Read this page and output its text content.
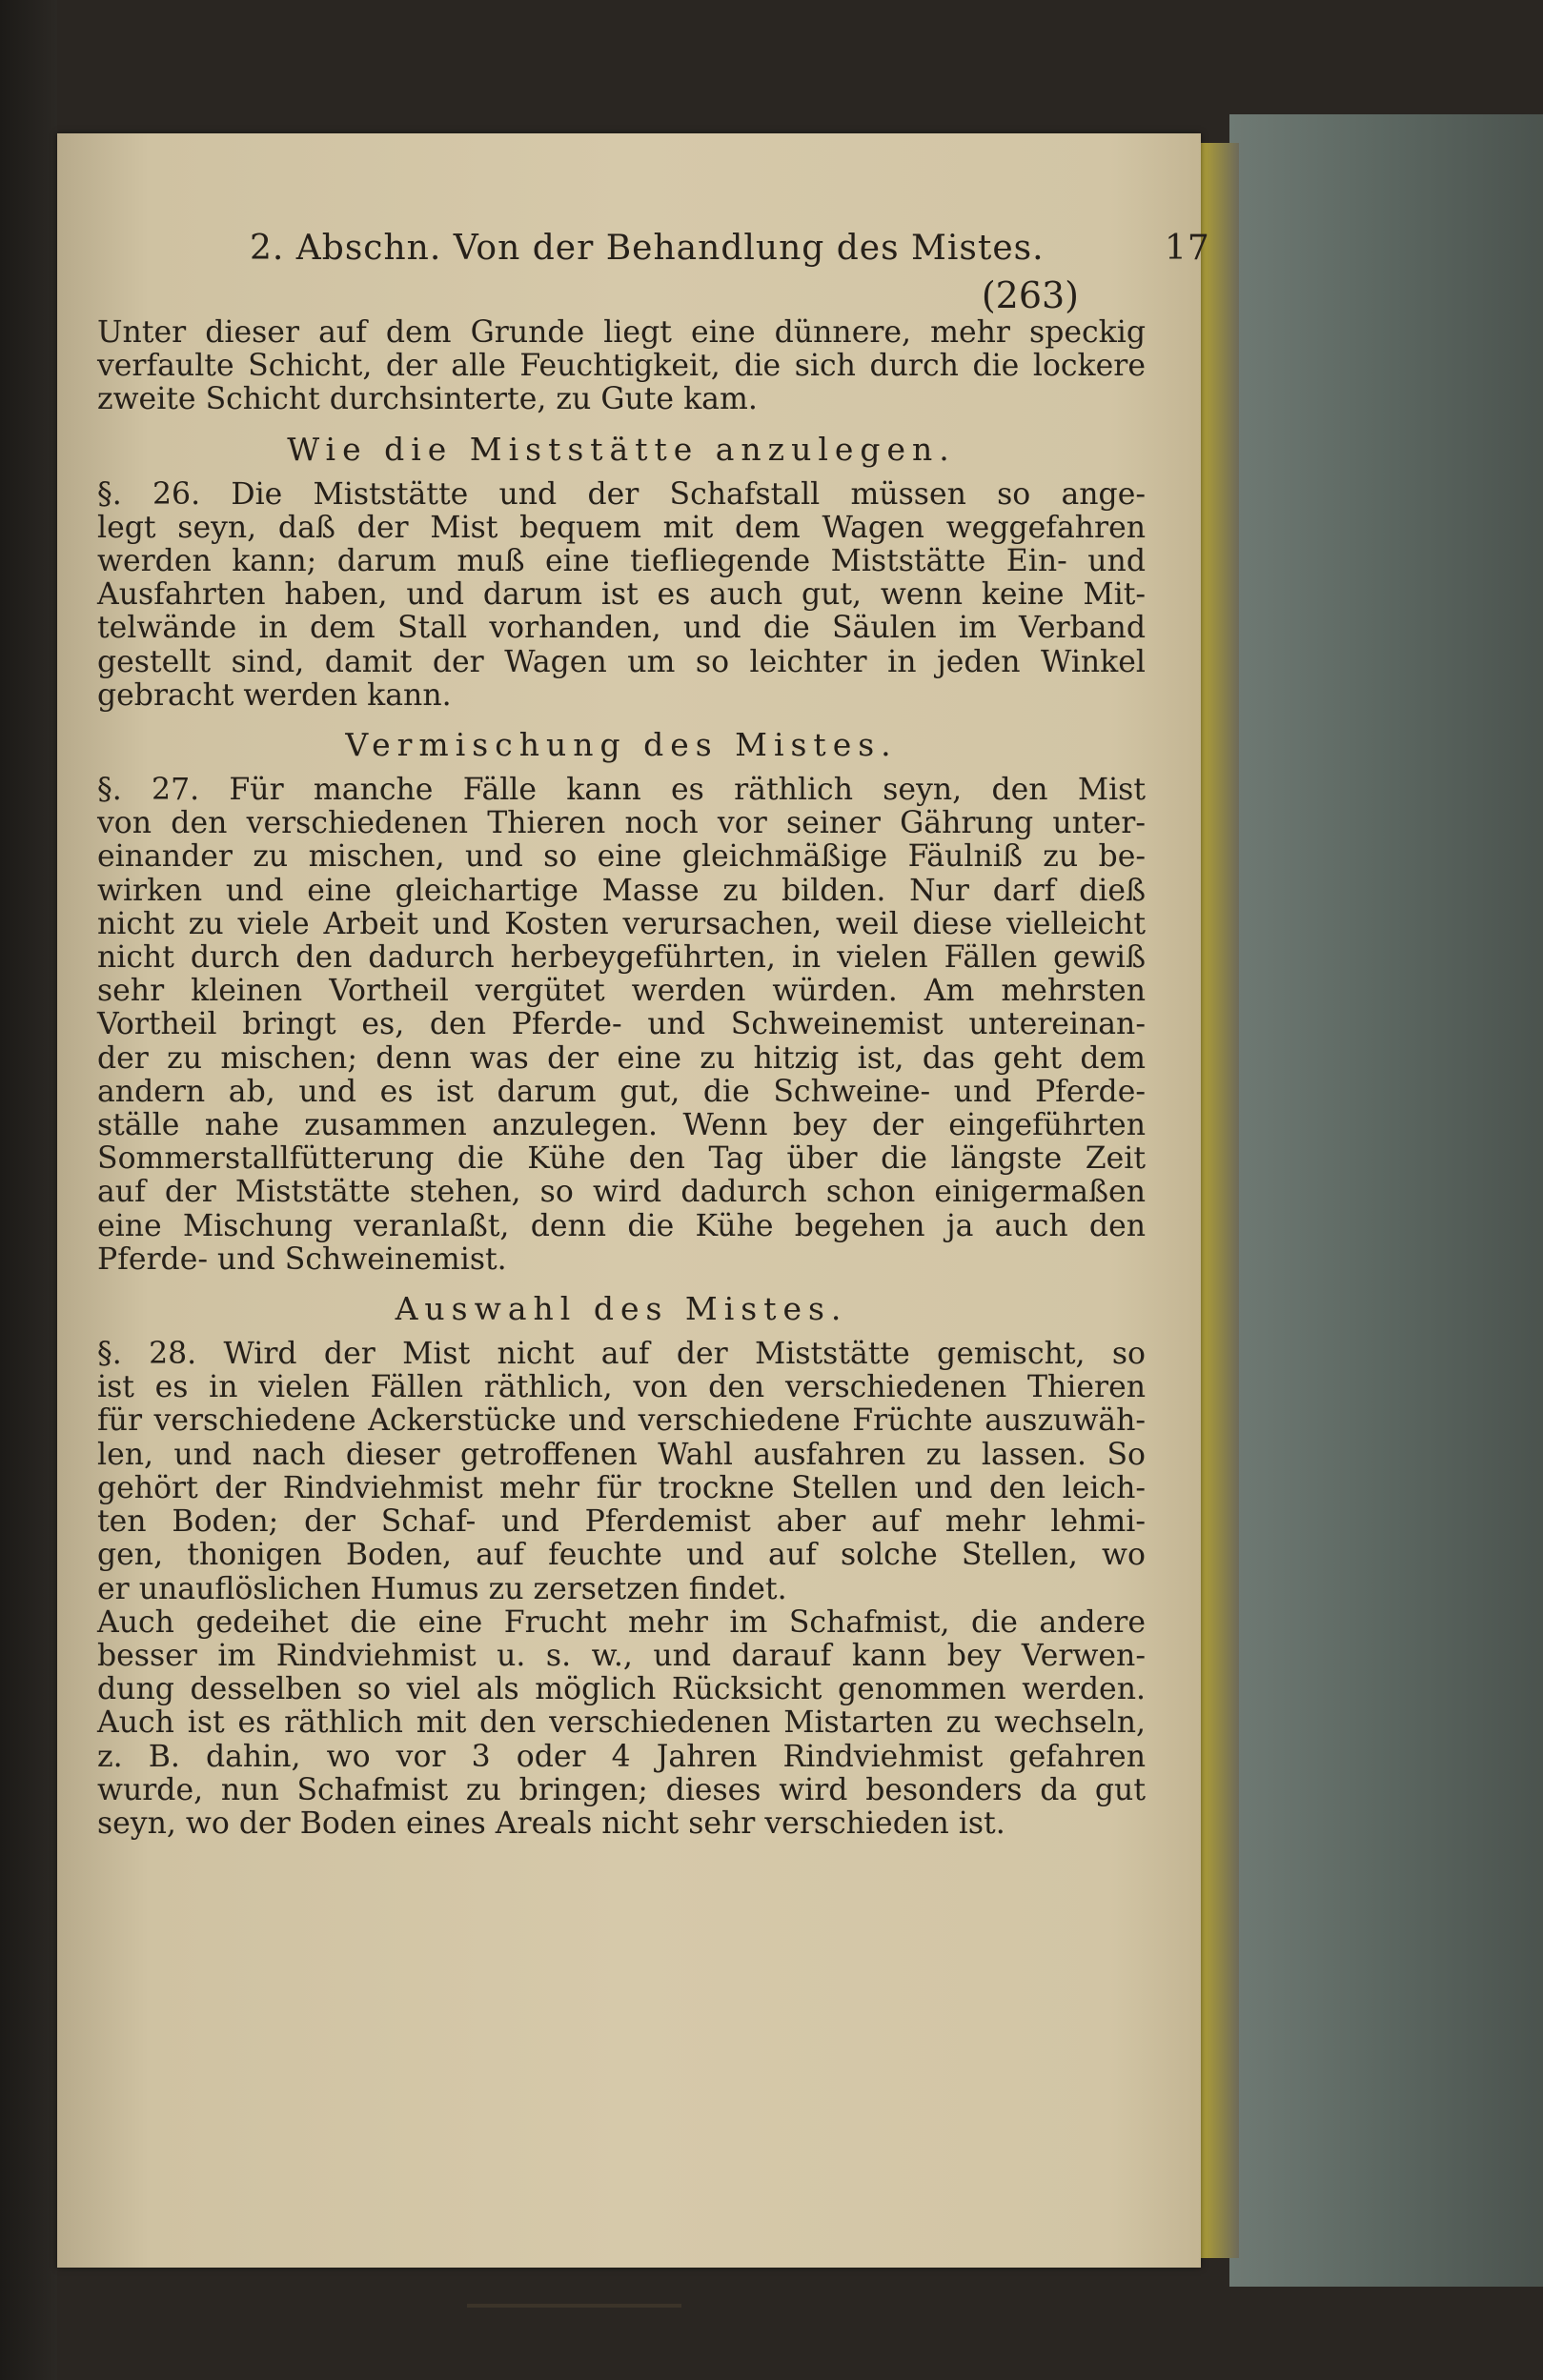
2. Abschn. Von der Behandlung des Mistes.	17
(263)
Unter dieser auf dem Grunde liegt eine dünnere, mehr speckig
verfaulte Schicht, der alle Feuchtigkeit, die sich durch die lockere
zweite Schicht durchsinterte, zu Gute kam.
Wie die Miststätte anzulegen.
§. 26. Die Miststätte und der Schafstall müssen so ange-
legt seyn, daß der Mist bequem mit dem Wagen weggefahren
werden kann; darum muß eine tiefliegende Miststätte Ein- und
Ausfahrten haben, und darum ist es auch gut, wenn keine Mit-
telwände in dem Stall vorhanden, und die Säulen im Verband
gestellt sind, damit der Wagen um so leichter in jeden Winkel
gebracht werden kann.
Vermischung des Mistes.
§. 27. Für manche Fälle kann es räthlich seyn, den Mist
von den verschiedenen Thieren noch vor seiner Gährung unter-
einander zu mischen, und so eine gleichmäßige Fäulniß zu be-
wirken und eine gleichartige Masse zu bilden. Nur darf dieß
nicht zu viele Arbeit und Kosten verursachen, weil diese vielleicht
nicht durch den dadurch herbeygeführten, in vielen Fällen gewiß
sehr kleinen Vortheil vergütet werden würden. Am mehrsten
Vortheil bringt es, den Pferde- und Schweinemist untereinan-
der zu mischen; denn was der eine zu hitzig ist, das geht dem
andern ab, und es ist darum gut, die Schweine- und Pferde-
ställe nahe zusammen anzulegen. Wenn bey der eingeführten
Sommerstallfütterung die Kühe den Tag über die längste Zeit
auf der Miststätte stehen, so wird dadurch schon einigermaßen
eine Mischung veranlaßt, denn die Kühe begehen ja auch den
Pferde- und Schweinemist.
Auswahl des Mistes.
§. 28. Wird der Mist nicht auf der Miststätte gemischt, so
ist es in vielen Fällen räthlich, von den verschiedenen Thieren
für verschiedene Ackerstücke und verschiedene Früchte auszuwäh-
len, und nach dieser getroffenen Wahl ausfahren zu lassen. So
gehört der Rindviehmist mehr für trockne Stellen und den leich-
ten Boden; der Schaf- und Pferdemist aber auf mehr lehmi-
gen, thonigen Boden, auf feuchte und auf solche Stellen, wo
er unauflöslichen Humus zu zersetzen findet.
Auch gedeihet die eine Frucht mehr im Schafmist, die andere
besser im Rindviehmist u. s. w., und darauf kann bey Verwen-
dung desselben so viel als möglich Rücksicht genommen werden.
Auch ist es räthlich mit den verschiedenen Mistarten zu wechseln,
z. B. dahin, wo vor 3 oder 4 Jahren Rindviehmist gefahren
wurde, nun Schafmist zu bringen; dieses wird besonders da gut
seyn, wo der Boden eines Areals nicht sehr verschieden ist.
